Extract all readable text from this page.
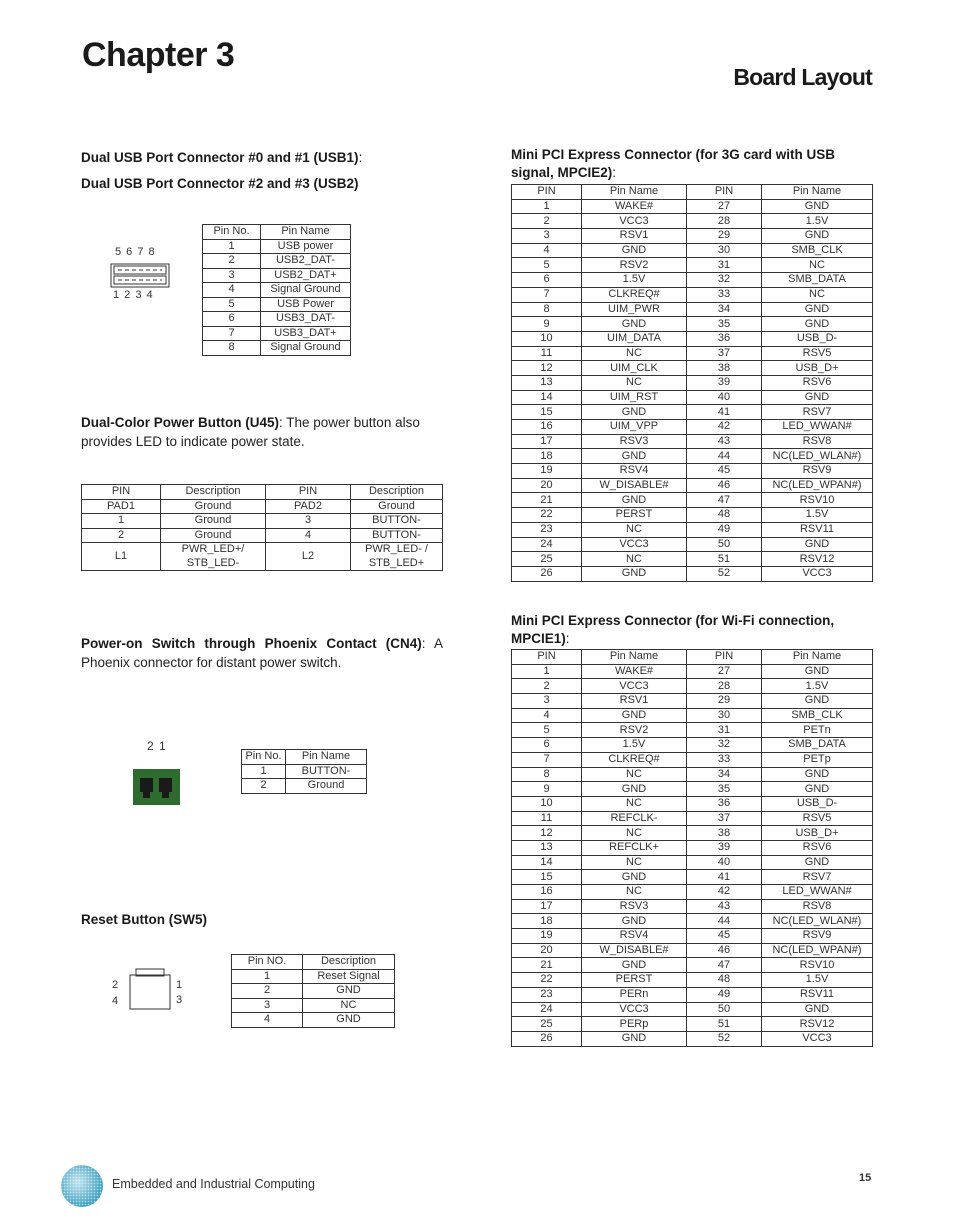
Chapter 3
Board Layout
Dual USB Port Connector #0 and #1 (USB1):
Dual USB Port Connector #2 and #3 (USB2)
5 6 7 8
1 2 3 4
Pin No.	Pin Name
1	USB power
2	USB2_DAT-
3	USB2_DAT+
4	Signal Ground
5	USB Power
6	USB3_DAT-
7	USB3_DAT+
8	Signal Ground
Dual-Color Power Button (U45): The power button also provides LED to indicate power state.
PIN	Description	PIN	Description
PAD1	Ground	PAD2	Ground
1	Ground	3	BUTTON-
2	Ground	4	BUTTON-
L1	PWR_LED+/ STB_LED-	L2	PWR_LED- / STB_LED+
Power-on Switch through Phoenix Contact (CN4): A Phoenix connector for distant power switch.
2 1
Pin No.	Pin Name
1	BUTTON-
2	Ground
Reset Button (SW5)
2
4
1
3
Pin NO.	Description
1	Reset Signal
2	GND
3	NC
4	GND
Mini PCI Express Connector (for 3G card with USB signal, MPCIE2):
PIN	Pin Name	PIN	Pin Name
1	WAKE#	27	GND
2	VCC3	28	1.5V
3	RSV1	29	GND
4	GND	30	SMB_CLK
5	RSV2	31	NC
6	1.5V	32	SMB_DATA
7	CLKREQ#	33	NC
8	UIM_PWR	34	GND
9	GND	35	GND
10	UIM_DATA	36	USB_D-
11	NC	37	RSV5
12	UIM_CLK	38	USB_D+
13	NC	39	RSV6
14	UIM_RST	40	GND
15	GND	41	RSV7
16	UIM_VPP	42	LED_WWAN#
17	RSV3	43	RSV8
18	GND	44	NC(LED_WLAN#)
19	RSV4	45	RSV9
20	W_DISABLE#	46	NC(LED_WPAN#)
21	GND	47	RSV10
22	PERST	48	1.5V
23	NC	49	RSV11
24	VCC3	50	GND
25	NC	51	RSV12
26	GND	52	VCC3
Mini PCI Express Connector (for Wi-Fi connection, MPCIE1):
PIN	Pin Name	PIN	Pin Name
1	WAKE#	27	GND
2	VCC3	28	1.5V
3	RSV1	29	GND
4	GND	30	SMB_CLK
5	RSV2	31	PETn
6	1.5V	32	SMB_DATA
7	CLKREQ#	33	PETp
8	NC	34	GND
9	GND	35	GND
10	NC	36	USB_D-
11	REFCLK-	37	RSV5
12	NC	38	USB_D+
13	REFCLK+	39	RSV6
14	NC	40	GND
15	GND	41	RSV7
16	NC	42	LED_WWAN#
17	RSV3	43	RSV8
18	GND	44	NC(LED_WLAN#)
19	RSV4	45	RSV9
20	W_DISABLE#	46	NC(LED_WPAN#)
21	GND	47	RSV10
22	PERST	48	1.5V
23	PERn	49	RSV11
24	VCC3	50	GND
25	PERp	51	RSV12
26	GND	52	VCC3
Embedded and Industrial Computing	15
